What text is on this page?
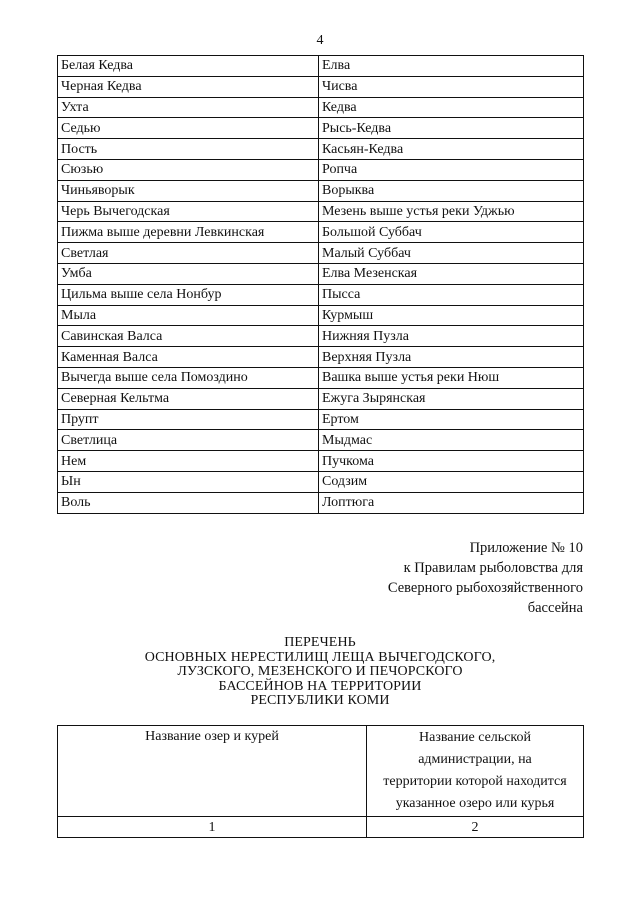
4
Белая Кедва	Елва
Черная Кедва	Чисва
Ухта	Кедва
Седью	Рысь-Кедва
Пость	Касьян-Кедва
Сюзью	Ропча
Чиньяворык	Ворыква
Черь Вычегодская	Мезень выше устья реки Уджью
Пижма выше деревни Левкинская	Большой Суббач
Светлая	Малый Суббач
Умба	Елва Мезенская
Цильма выше села Нонбур	Пысса
Мыла	Курмыш
Савинская Валса	Нижняя Пузла
Каменная Валса	Верхняя Пузла
Вычегда выше села Помоздино	Вашка выше устья реки Нюш
Северная Кельтма	Ежуга Зырянская
Прупт	Ертом
Светлица	Мыдмас
Нем	Пучкома
Ын	Содзим
Воль	Лоптюга
Приложение № 10
к Правилам рыболовства для
Северного рыбохозяйственного
бассейна
ПЕРЕЧЕНЬ
ОСНОВНЫХ НЕРЕСТИЛИЩ ЛЕЩА ВЫЧЕГОДСКОГО,
ЛУЗСКОГО, МЕЗЕНСКОГО И ПЕЧОРСКОГО
БАССЕЙНОВ НА ТЕРРИТОРИИ
РЕСПУБЛИКИ КОМИ
Название озер и курей	Название сельской
администрации, на
территории которой находится
указанное озеро или курья

1	2
